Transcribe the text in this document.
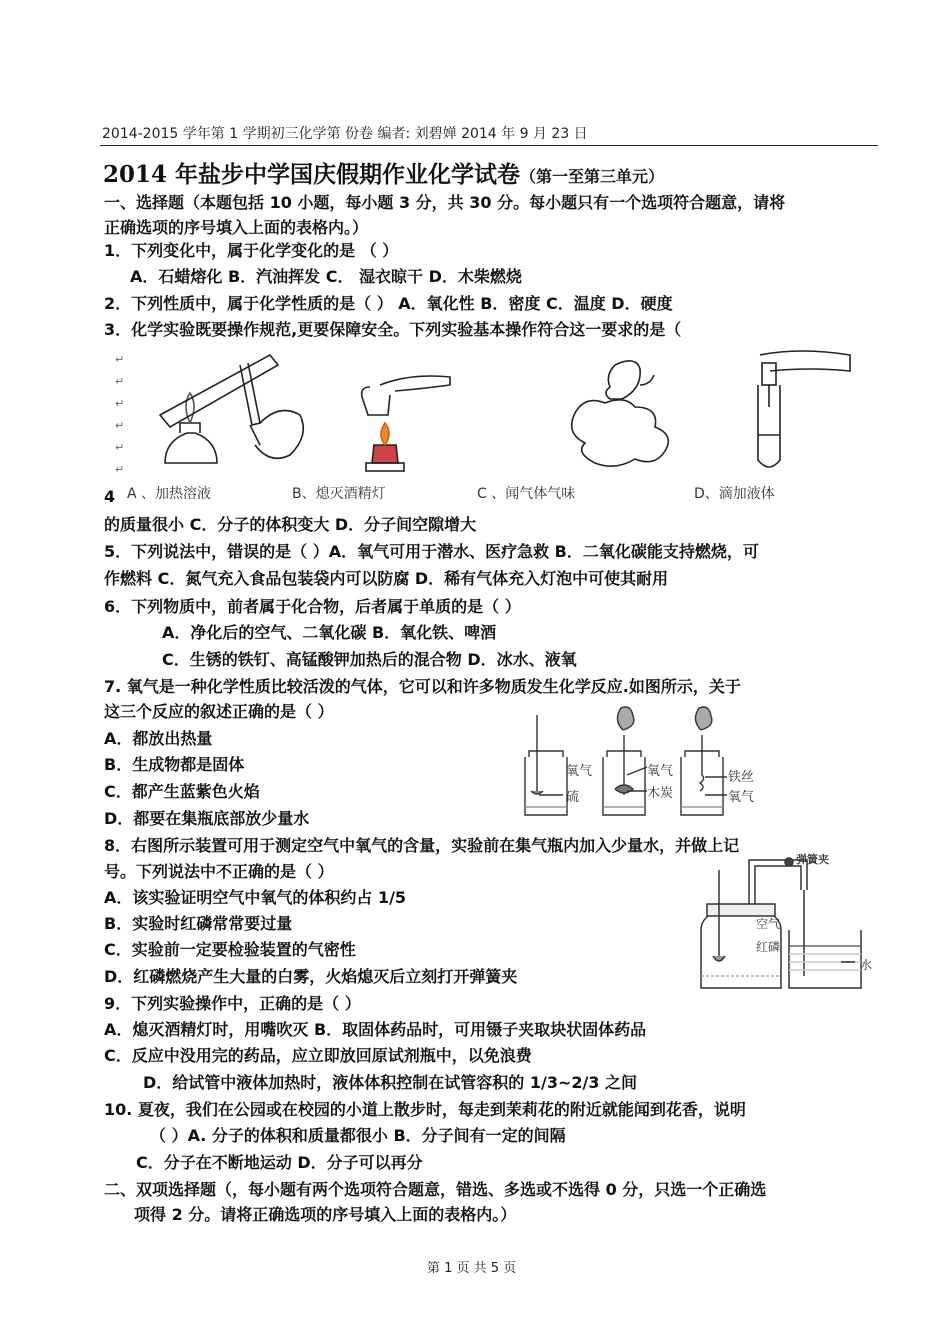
2014-2015 学年第 1 学期初三化学第 份卷 编者: 刘碧婵 2014 年 9 月 23 日
2014 年盐步中学国庆假期作业化学试卷（第一至第三单元）
一、选择题（本题包括 10 小题，每小题 3 分，共 30 分。每小题只有一个选项符合题意，请将
正确选项的序号填入上面的表格内。）
1．下列变化中，属于化学变化的是 （ ）
A．石蜡熔化 B．汽油挥发 C． 湿衣晾干 D．木柴燃烧
2．下列性质中，属于化学性质的是（ ） A．氧化性 B．密度 C．温度 D．硬度
3．化学实验既要操作规范,更要保障安全。下列实验基本操作符合这一要求的是（
↵
↵
↵
↵
↵
↵
A 、加热溶液	B、熄灭酒精灯	C 、闻气体气味	D、滴加液体
4
的质量很小 C．分子的体积变大 D．分子间空隙增大
5．下列说法中，错误的是（ ）A．氧气可用于潜水、医疗急救 B．二氧化碳能支持燃烧，可
作燃料 C．氮气充入食品包装袋内可以防腐 D．稀有气体充入灯泡中可使其耐用
6．下列物质中，前者属于化合物，后者属于单质的是（ ）
A．净化后的空气、二氧化碳 B．氧化铁、啤酒
C．生锈的铁钉、高锰酸钾加热后的混合物 D．冰水、液氧
7. 氧气是一种化学性质比较活泼的气体，它可以和许多物质发生化学反应.如图所示，关于
这三个反应的叙述正确的是（ ）
A．都放出热量
B．生成物都是固体
C．都产生蓝紫色火焰
D．都要在集瓶底部放少量水
氧气
硫
氧气
木炭
铁丝
氧气
8．右图所示装置可用于测定空气中氧气的含量，实验前在集气瓶内加入少量水，并做上记
号。下列说法中不正确的是（ ）
A．该实验证明空气中氧气的体积约占 1/5
B．实验时红磷常常要过量
C．实验前一定要检验装置的气密性
D．红磷燃烧产生大量的白雾，火焰熄灭后立刻打开弹簧夹
弹簧夹
空气
红磷
水
9．下列实验操作中，正确的是（ ）
A．熄灭酒精灯时，用嘴吹灭 B．取固体药品时，可用镊子夹取块状固体药品
C．反应中没用完的药品，应立即放回原试剂瓶中，以免浪费
D．给试管中液体加热时，液体体积控制在试管容积的 1/3~2/3 之间
10. 夏夜，我们在公园或在校园的小道上散步时，每走到茉莉花的附近就能闻到花香，说明
（ ）A. 分子的体积和质量都很小 B．分子间有一定的间隔
C．分子在不断地运动 D．分子可以再分
二、双项选择题（，每小题有两个选项符合题意，错选、多选或不选得 0 分，只选一个正确选
项得 2 分。请将正确选项的序号填入上面的表格内。）
第 1 页 共 5 页
